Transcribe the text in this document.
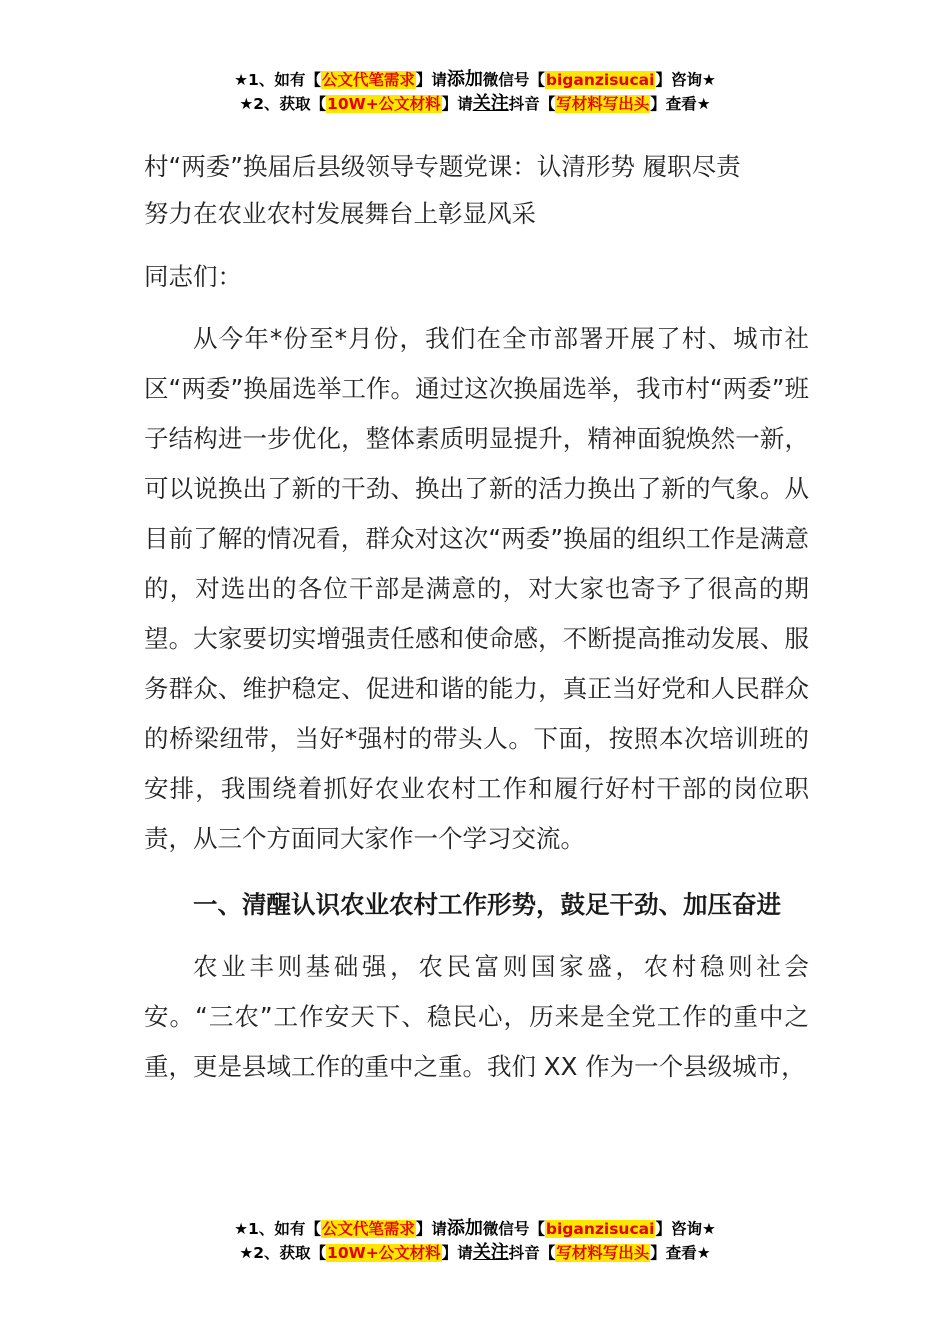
★1、如有【公文代笔需求】请添加微信号【biganzisucai】咨询★
★2、获取【10W+公文材料】请关注抖音【写材料写出头】查看★

村“两委”换届后县级领导专题党课：认清形势 履职尽责
努力在农业农村发展舞台上彰显风采

同志们：

从今年*份至*月份，我们在全市部署开展了村、城市社区“两委”换届选举工作。通过这次换届选举，我市村“两委”班子结构进一步优化，整体素质明显提升，精神面貌焕然一新，可以说换出了新的干劲、换出了新的活力换出了新的气象。从目前了解的情况看，群众对这次“两委”换届的组织工作是满意的，对选出的各位干部是满意的，对大家也寄予了很高的期望。大家要切实增强责任感和使命感，不断提高推动发展、服务群众、维护稳定、促进和谐的能力，真正当好党和人民群众的桥梁纽带，当好*强村的带头人。下面，按照本次培训班的安排，我围绕着抓好农业农村工作和履行好村干部的岗位职责，从三个方面同大家作一个学习交流。

一、清醒认识农业农村工作形势，鼓足干劲、加压奋进

农业丰则基础强，农民富则国家盛，农村稳则社会安。“三农”工作安天下、稳民心，历来是全党工作的重中之重，更是县域工作的重中之重。我们 XX 作为一个县级城市，

★1、如有【公文代笔需求】请添加微信号【biganzisucai】咨询★
★2、获取【10W+公文材料】请关注抖音【写材料写出头】查看★
